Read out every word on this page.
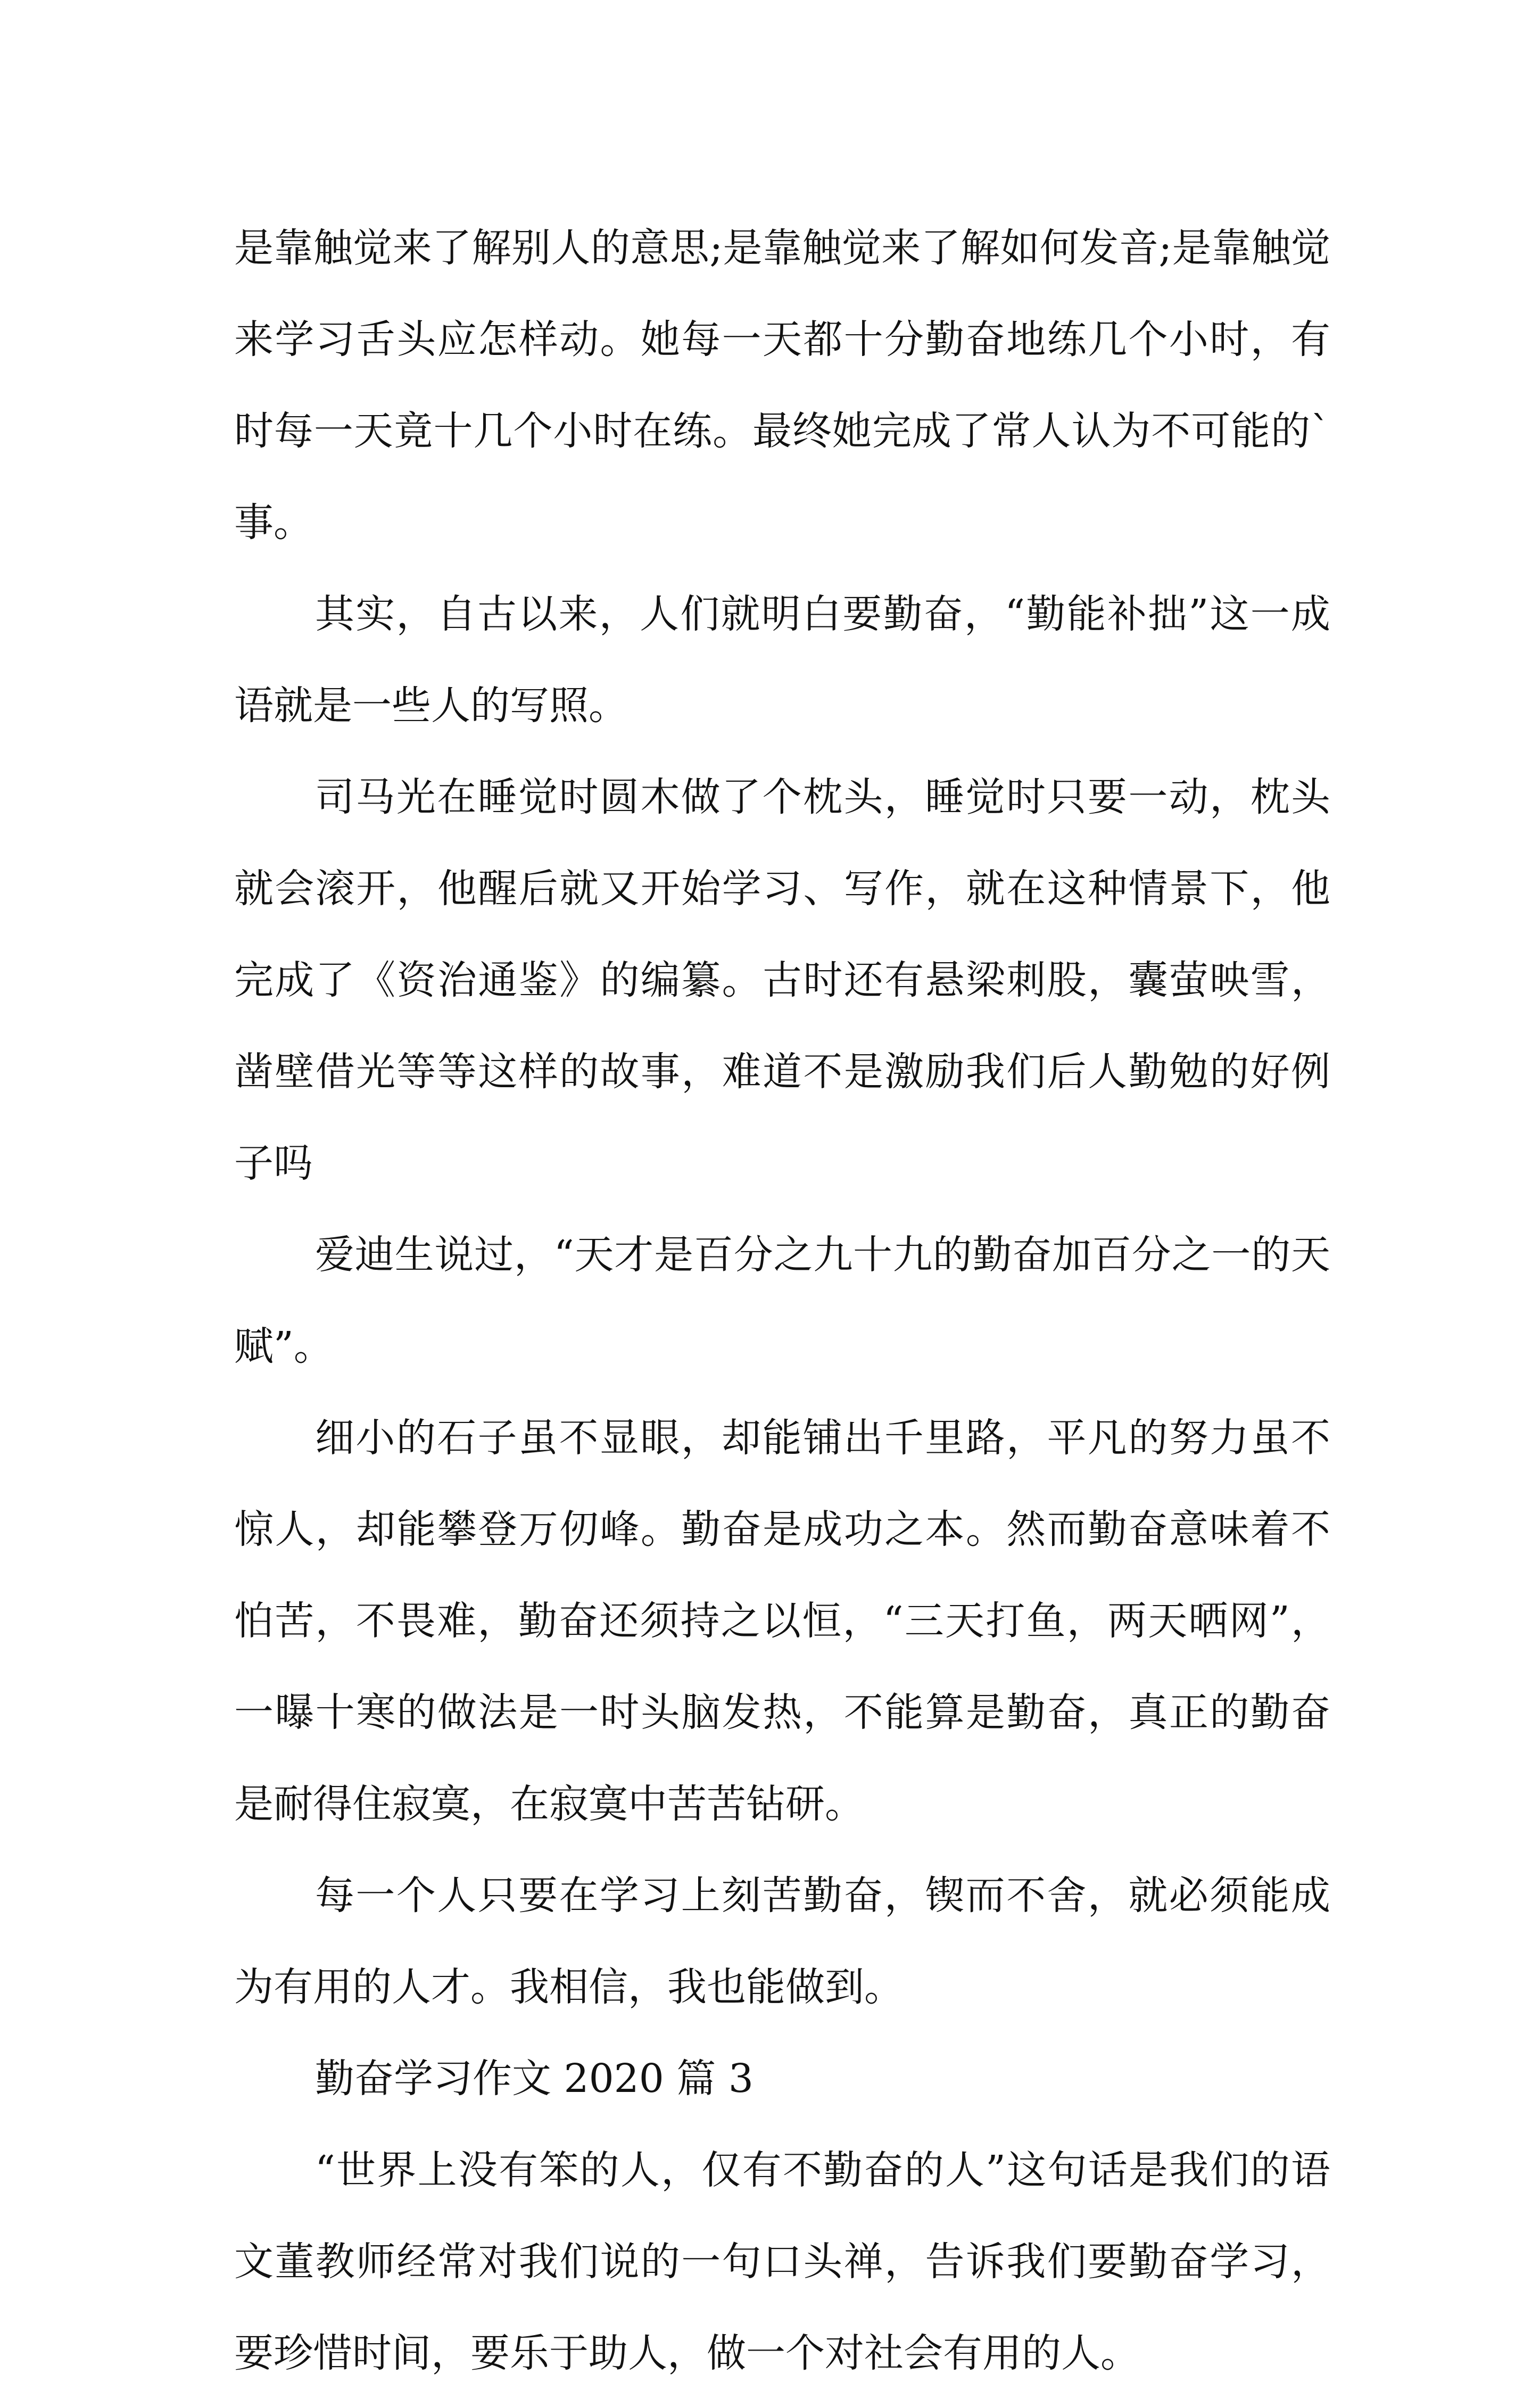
是靠触觉来了解别人的意思;是靠触觉来了解如何发音;是靠触觉来学习舌头应怎样动。她每一天都十分勤奋地练几个小时，有时每一天竟十几个小时在练。最终她完成了常人认为不可能的`事。

其实，自古以来，人们就明白要勤奋，“勤能补拙”这一成语就是一些人的写照。

司马光在睡觉时圆木做了个枕头，睡觉时只要一动，枕头就会滚开，他醒后就又开始学习、写作，就在这种情景下，他完成了《资治通鉴》的编纂。古时还有悬梁刺股，囊萤映雪，凿壁借光等等这样的故事，难道不是激励我们后人勤勉的好例子吗

爱迪生说过，“天才是百分之九十九的勤奋加百分之一的天赋”。

细小的石子虽不显眼，却能铺出千里路，平凡的努力虽不惊人，却能攀登万仞峰。勤奋是成功之本。然而勤奋意味着不怕苦，不畏难，勤奋还须持之以恒，“三天打鱼，两天晒网”，一曝十寒的做法是一时头脑发热，不能算是勤奋，真正的勤奋是耐得住寂寞，在寂寞中苦苦钻研。

每一个人只要在学习上刻苦勤奋，锲而不舍，就必须能成为有用的人才。我相信，我也能做到。

勤奋学习作文 2020 篇 3

“世界上没有笨的人，仅有不勤奋的人”这句话是我们的语文董教师经常对我们说的一句口头禅，告诉我们要勤奋学习，要珍惜时间，要乐于助人，做一个对社会有用的人。
